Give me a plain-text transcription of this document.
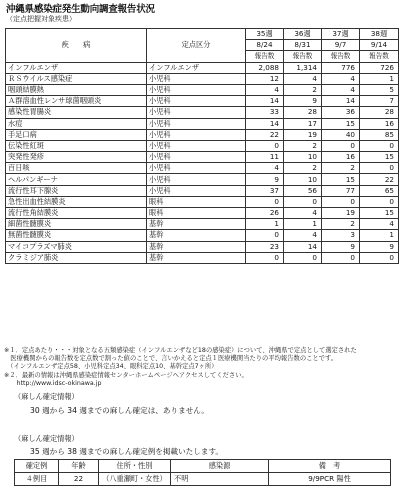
沖縄県感染症発生動向調査報告状況
（定点把握対象疾患）
疾　　病	定点区分	35週	36週	37週	38週
		8/24	8/31	9/7	9/14
		報告数	報告数	報告数	報告数
インフルエンザ	インフルエンザ	2,088	1,314	776	726
ＲＳウイルス感染症	小児科	12	4	4	1
咽頭結膜熱	小児科	4	2	4	5
Ａ群溶血性レンサ球菌咽頭炎	小児科	14	9	14	7
感染性胃腸炎	小児科	33	28	36	28
水痘	小児科	14	17	15	16
手足口病	小児科	22	19	40	85
伝染性紅斑	小児科	0	2	0	0
突発性発疹	小児科	11	10	16	15
百日咳	小児科	4	2	2	0
ヘルパンギーナ	小児科	9	10	15	22
流行性耳下腺炎	小児科	37	56	77	65
急性出血性結膜炎	眼科	0	0	0	0
流行性角結膜炎	眼科	26	4	19	15
細菌性髄膜炎	基幹	1	1	2	4
無菌性髄膜炎	基幹	0	4	3	1
マイコプラズマ肺炎	基幹	23	14	9	9
クラミジア肺炎	基幹	0	0	0	0
※１．定点あたり・・・対象となる五類感染症（インフルエンザなど18の感染症）について、沖縄県で定点として選定された
　医療機関からの報告数を定点数で割った値のことで、言いかえると定点１医療機関当たりの平均報告数のことです。
　（インフルエンザ定点58、小児科定点34、眼科定点10、基幹定点7ヶ所）
※２．最新の情報は沖縄県感染症情報センターホームページへアクセスしてください。
　　http://www.idsc-okinawa.jp
（麻しん確定情報）
30 週から 34 週までの麻しん確定は、ありません。
（麻しん確定情報）
35 週から 38 週までの麻しん確定例を掲載いたします。
確定例	年齢	住所・性別	感染源	備　考
４例目	22	（八重瀬町・女性）	不明	9/9PCR 陽性
